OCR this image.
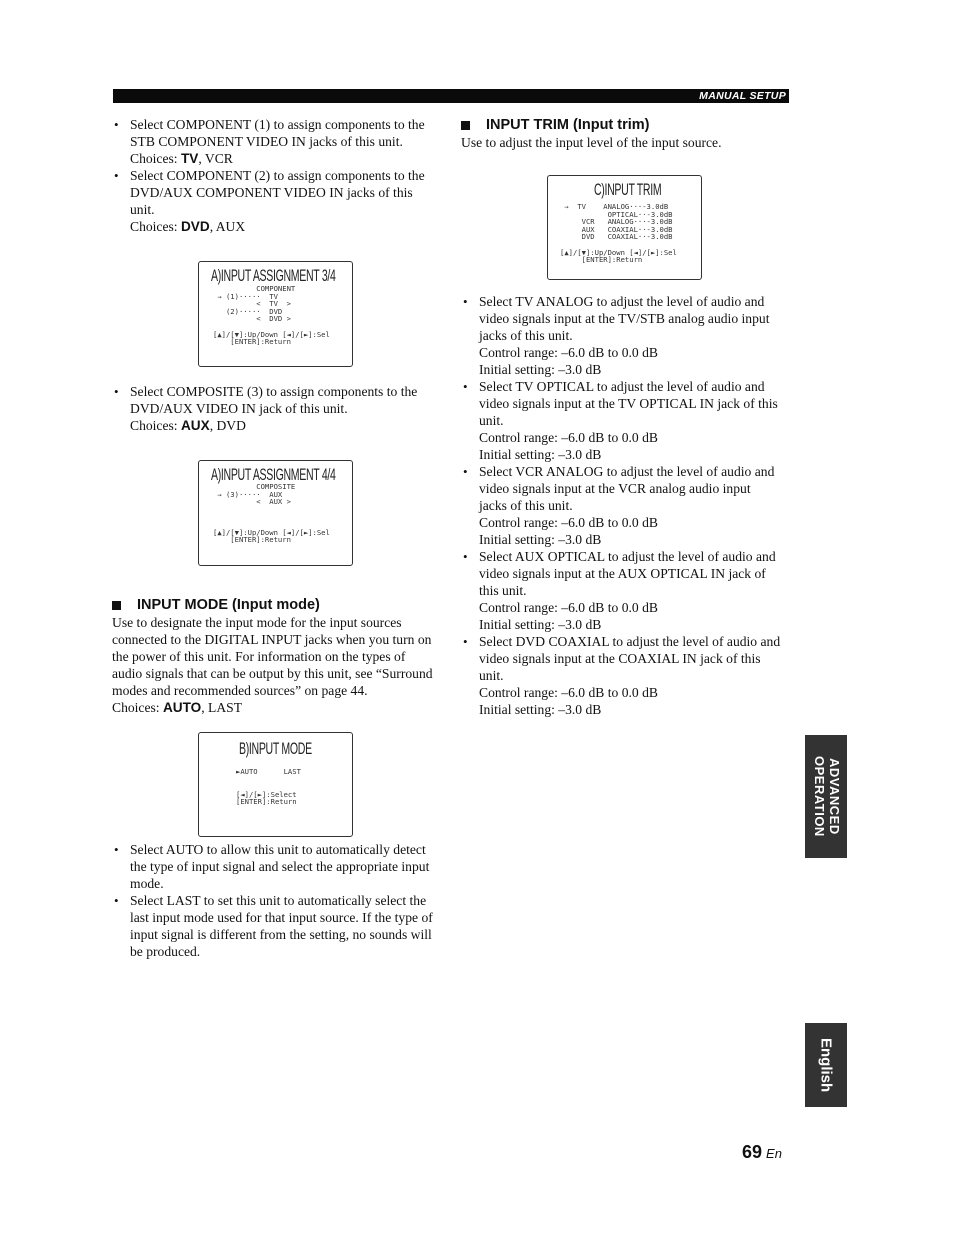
MANUAL SETUP
• Select COMPONENT (1) to assign components to the
STB COMPONENT VIDEO IN jacks of this unit.
Choices: TV, VCR
• Select COMPONENT (2) to assign components to the
DVD/AUX COMPONENT VIDEO IN jacks of this
unit.
Choices: DVD, AUX
A)INPUT ASSIGNMENT 3/4
COMPONENT
→ (1)·····  TV
<  TV  >
(2)·····  DVD
<  DVD >

[▲]/[▼]:Up/Down [◄]/[►]:Sel
[ENTER]:Return
• Select COMPOSITE (3) to assign components to the
DVD/AUX VIDEO IN jack of this unit.
Choices: AUX, DVD
A)INPUT ASSIGNMENT 4/4
COMPOSITE
→ (3)·····  AUX
<  AUX >

[▲]/[▼]:Up/Down [◄]/[►]:Sel
[ENTER]:Return
INPUT MODE (Input mode)
Use to designate the input mode for the input sources
connected to the DIGITAL INPUT jacks when you turn on
the power of this unit. For information on the types of
audio signals that can be output by this unit, see “Surround
modes and recommended sources” on page 44.
Choices: AUTO, LAST
B)INPUT MODE
►AUTO      LAST

[◄]/[►]:Select
[ENTER]:Return
• Select AUTO to allow this unit to automatically detect
the type of input signal and select the appropriate input
mode.
• Select LAST to set this unit to automatically select the
last input mode used for that input source. If the type of
input signal is different from the setting, no sounds will
be produced.
INPUT TRIM (Input trim)
Use to adjust the input level of the input source.
C)INPUT TRIM
→  TV    ANALOG···-3.0dB
OPTICAL··-3.0dB
VCR   ANALOG···-3.0dB
AUX   COAXIAL··-3.0dB
DVD   COAXIAL··-3.0dB

[▲]/[▼]:Up/Down [◄]/[►]:Sel
[ENTER]:Return
• Select TV ANALOG to adjust the level of audio and
video signals input at the TV/STB analog audio input
jacks of this unit.
Control range: –6.0 dB to 0.0 dB
Initial setting: –3.0 dB
• Select TV OPTICAL to adjust the level of audio and
video signals input at the TV OPTICAL IN jack of this
unit.
Control range: –6.0 dB to 0.0 dB
Initial setting: –3.0 dB
• Select VCR ANALOG to adjust the level of audio and
video signals input at the VCR analog audio input
jacks of this unit.
Control range: –6.0 dB to 0.0 dB
Initial setting: –3.0 dB
• Select AUX OPTICAL to adjust the level of audio and
video signals input at the AUX OPTICAL IN jack of
this unit.
Control range: –6.0 dB to 0.0 dB
Initial setting: –3.0 dB
• Select DVD COAXIAL to adjust the level of audio and
video signals input at the COAXIAL IN jack of this
unit.
Control range: –6.0 dB to 0.0 dB
Initial setting: –3.0 dB
ADVANCED OPERATION
English
69 En
